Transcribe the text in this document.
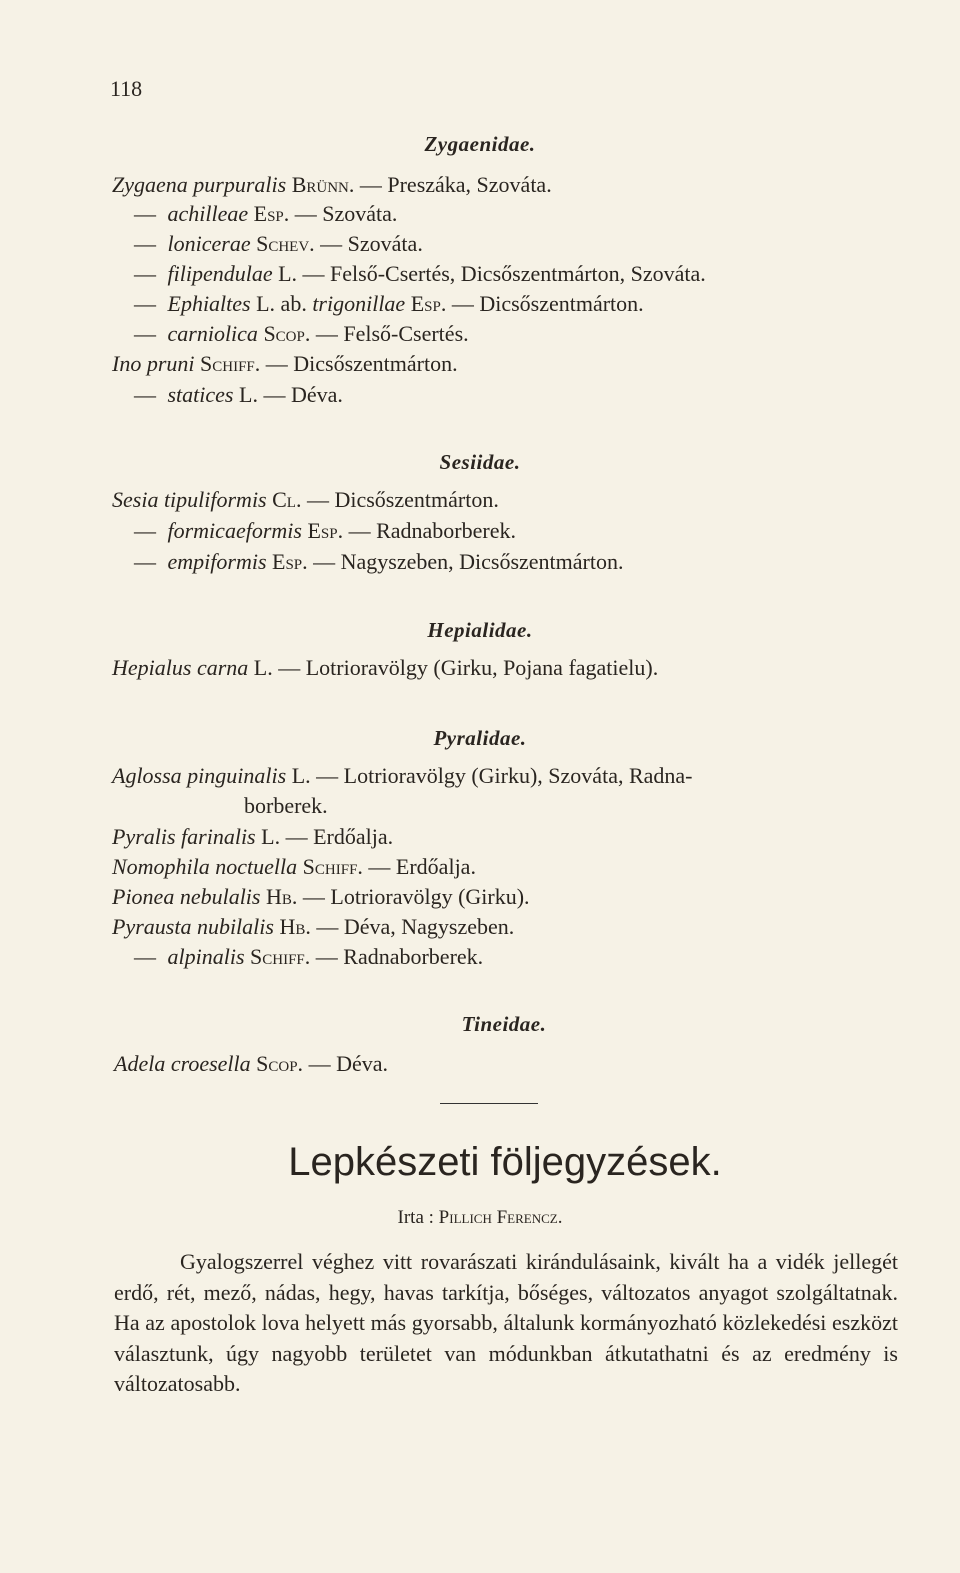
118
Zygaenidae.
Zygaena purpuralis Brünn. — Preszáka, Szováta.
— achilleae Esp. — Szováta.
— lonicerae Schev. — Szováta.
— filipendulae L. — Felső-Csertés, Dicsőszentmárton, Szováta.
— Ephialtes L. ab. trigonillae Esp. — Dicsőszentmárton.
— carniolica Scop. — Felső-Csertés.
Ino pruni Schiff. — Dicsőszentmárton.
— statices L. — Déva.
Sesiidae.
Sesia tipuliformis Cl. — Dicsőszentmárton.
— formicaeformis Esp. — Radnaborberek.
— empiformis Esp. — Nagyszeben, Dicsőszentmárton.
Hepialidae.
Hepialus carna L. — Lotrioravölgy (Girku, Pojana fagatielu).
Pyralidae.
Aglossa pinguinalis L. — Lotrioravölgy (Girku), Szováta, Radna-
borberek.
Pyralis farinalis L. — Erdőalja.
Nomophila noctuella Schiff. — Erdőalja.
Pionea nebulalis Hb. — Lotrioravölgy (Girku).
Pyrausta nubilalis Hb. — Déva, Nagyszeben.
— alpinalis Schiff. — Radnaborberek.
Tineidae.
Adela croesella Scop. — Déva.
Lepkészeti följegyzések.
Irta : Pillich Ferencz.

Gyalogszerrel véghez vitt rovarászati kirándulásaink, kivált ha a vidék jellegét erdő, rét, mező, nádas, hegy, havas tarkítja, bőséges, változatos anyagot szolgáltatnak. Ha az apostolok lova helyett más gyorsabb, általunk kormányozható közlekedési eszközt választunk, úgy nagyobb területet van módunkban átkutathatni és az eredmény is változatosabb.
